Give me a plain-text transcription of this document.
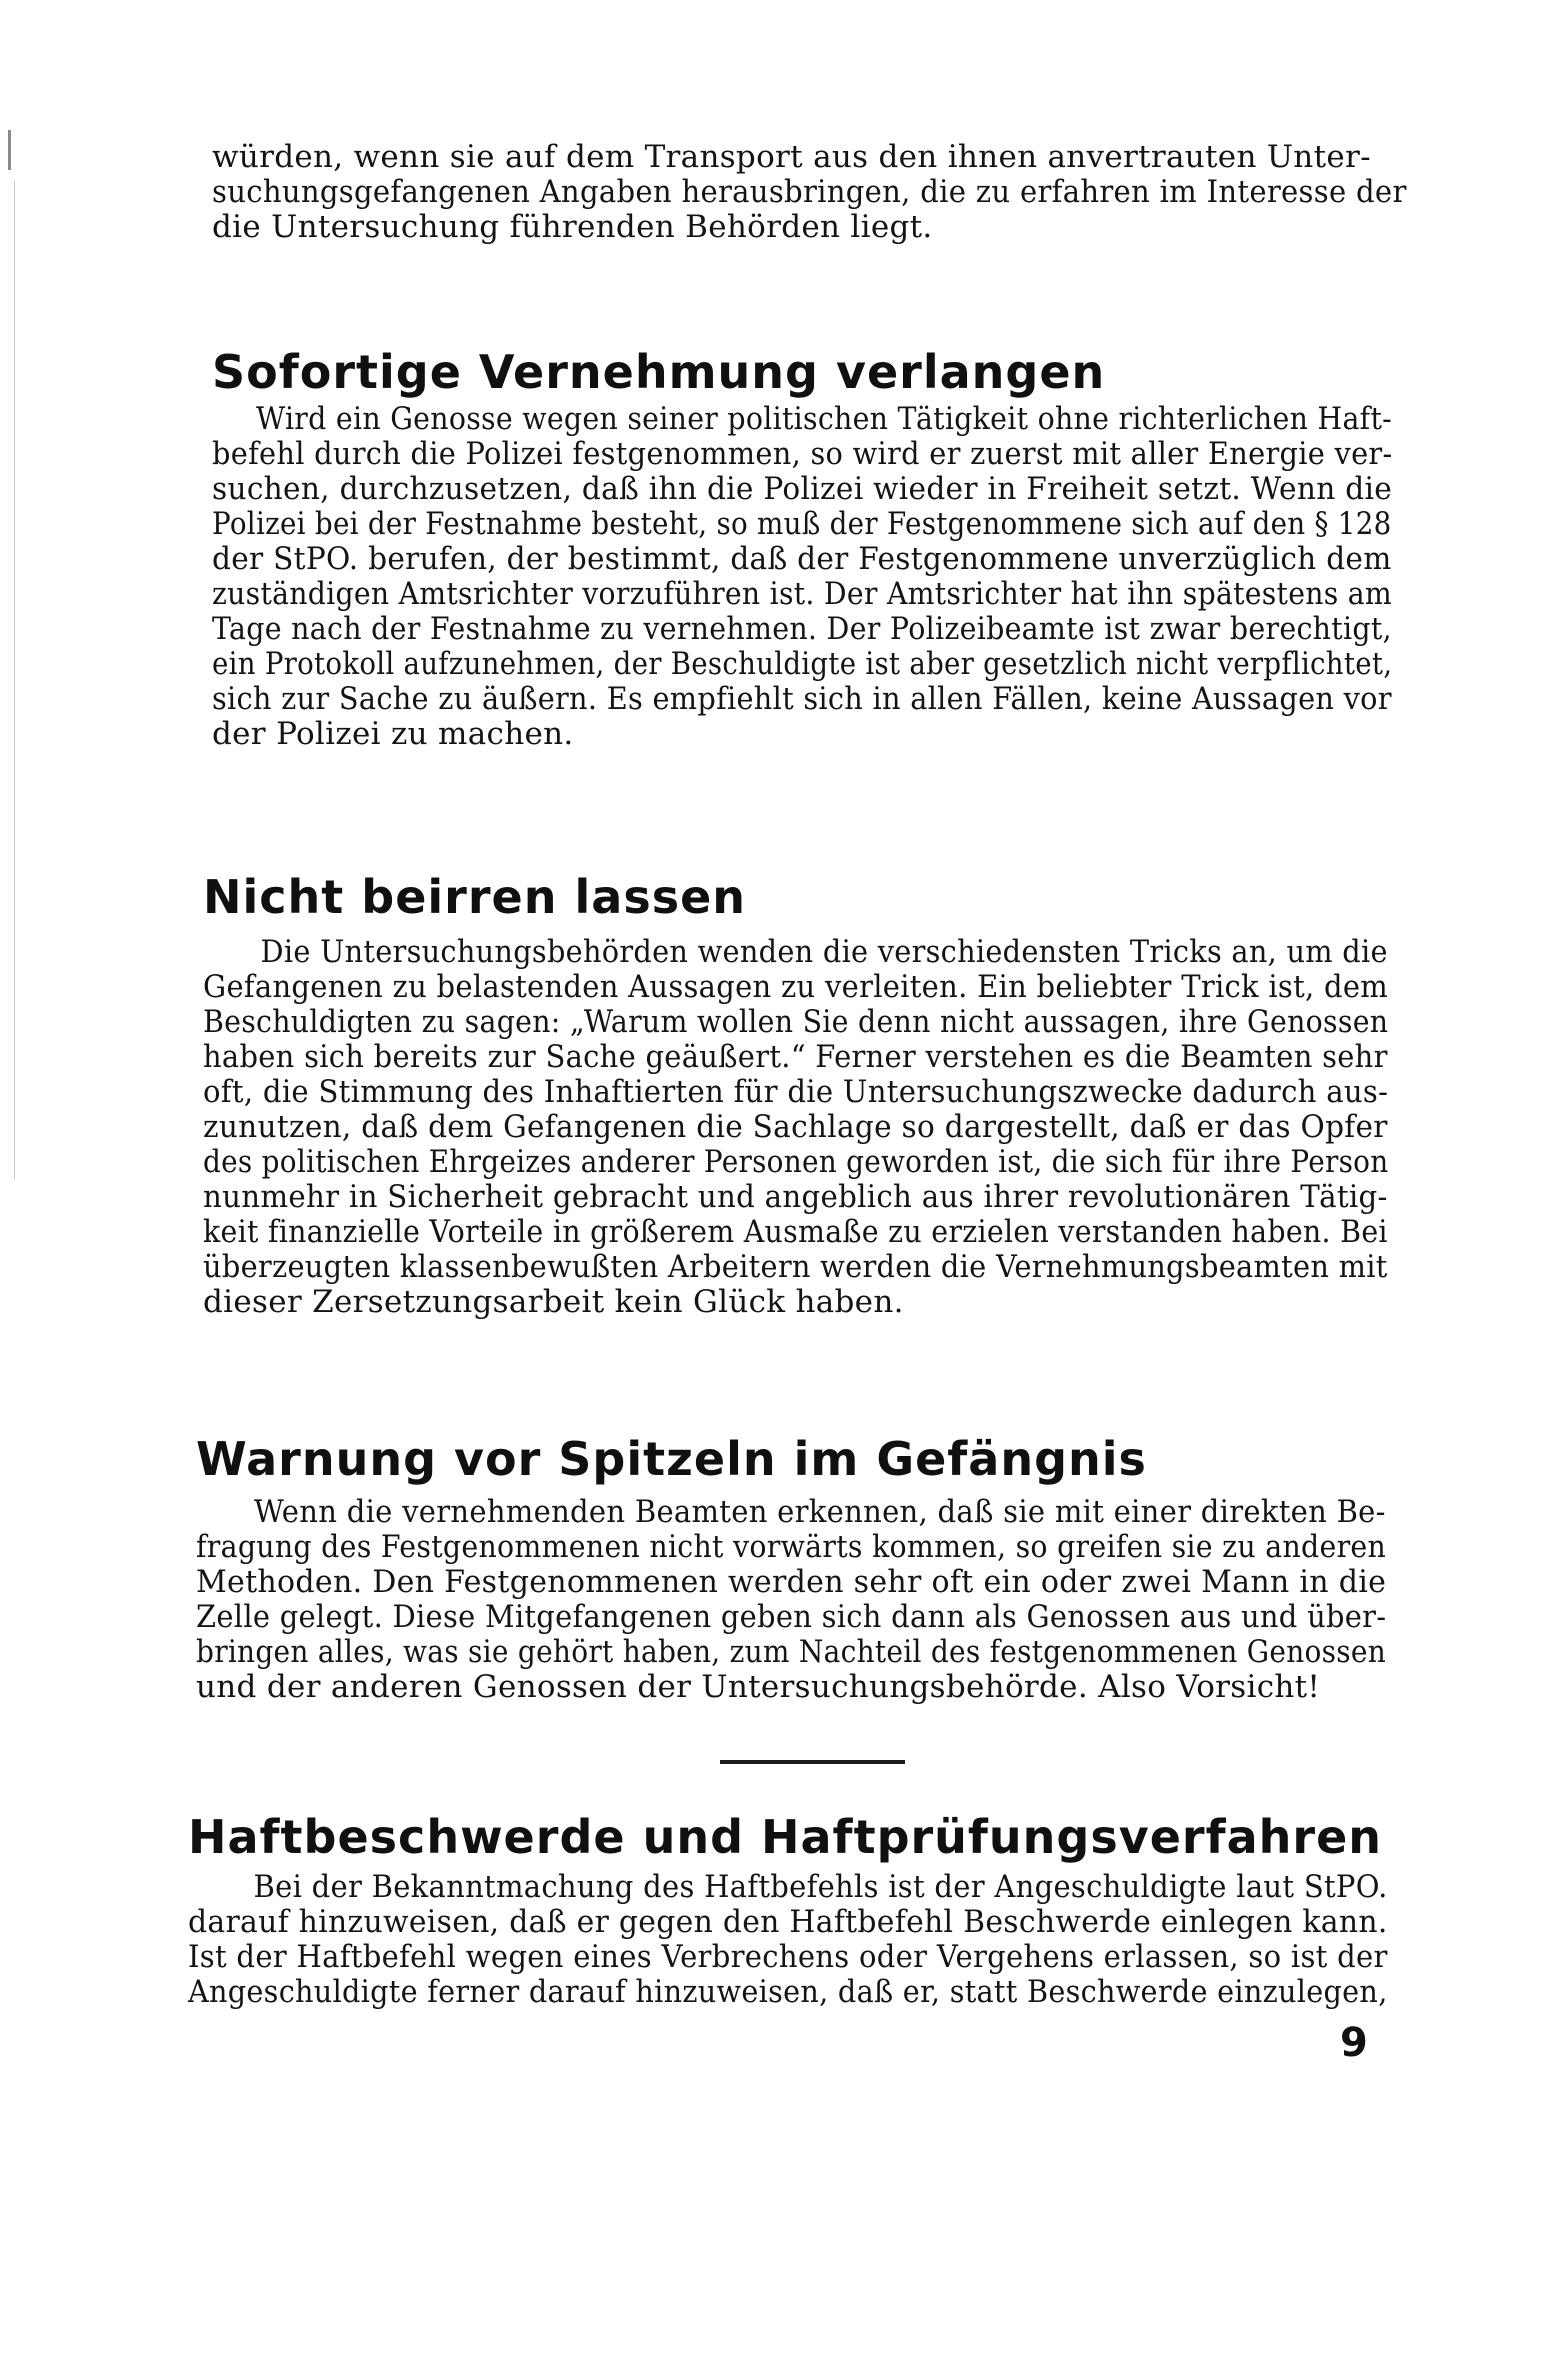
würden, wenn sie auf dem Transport aus den ihnen anvertrauten Unter-
suchungsgefangenen Angaben herausbringen, die zu erfahren im Interesse der
die Untersuchung führenden Behörden liegt.
Sofortige Vernehmung verlangen
Wird ein Genosse wegen seiner politischen Tätigkeit ohne richterlichen Haft-
befehl durch die Polizei festgenommen, so wird er zuerst mit aller Energie ver-
suchen, durchzusetzen, daß ihn die Polizei wieder in Freiheit setzt. Wenn die
Polizei bei der Festnahme besteht, so muß der Festgenommene sich auf den § 128
der StPO. berufen, der bestimmt, daß der Festgenommene unverzüglich dem
zuständigen Amtsrichter vorzuführen ist. Der Amtsrichter hat ihn spätestens am
Tage nach der Festnahme zu vernehmen. Der Polizeibeamte ist zwar berechtigt,
ein Protokoll aufzunehmen, der Beschuldigte ist aber gesetzlich nicht verpflichtet,
sich zur Sache zu äußern. Es empfiehlt sich in allen Fällen, keine Aussagen vor
der Polizei zu machen.
Nicht beirren lassen
Die Untersuchungsbehörden wenden die verschiedensten Tricks an, um die
Gefangenen zu belastenden Aussagen zu verleiten. Ein beliebter Trick ist, dem
Beschuldigten zu sagen: „Warum wollen Sie denn nicht aussagen, ihre Genossen
haben sich bereits zur Sache geäußert.“ Ferner verstehen es die Beamten sehr
oft, die Stimmung des Inhaftierten für die Untersuchungszwecke dadurch aus-
zunutzen, daß dem Gefangenen die Sachlage so dargestellt, daß er das Opfer
des politischen Ehrgeizes anderer Personen geworden ist, die sich für ihre Person
nunmehr in Sicherheit gebracht und angeblich aus ihrer revolutionären Tätig-
keit finanzielle Vorteile in größerem Ausmaße zu erzielen verstanden haben. Bei
überzeugten klassenbewußten Arbeitern werden die Vernehmungsbeamten mit
dieser Zersetzungsarbeit kein Glück haben.
Warnung vor Spitzeln im Gefängnis
Wenn die vernehmenden Beamten erkennen, daß sie mit einer direkten Be-
fragung des Festgenommenen nicht vorwärts kommen, so greifen sie zu anderen
Methoden. Den Festgenommenen werden sehr oft ein oder zwei Mann in die
Zelle gelegt. Diese Mitgefangenen geben sich dann als Genossen aus und über-
bringen alles, was sie gehört haben, zum Nachteil des festgenommenen Genossen
und der anderen Genossen der Untersuchungsbehörde. Also Vorsicht!
Haftbeschwerde und Haftprüfungsverfahren
Bei der Bekanntmachung des Haftbefehls ist der Angeschuldigte laut StPO.
darauf hinzuweisen, daß er gegen den Haftbefehl Beschwerde einlegen kann.
Ist der Haftbefehl wegen eines Verbrechens oder Vergehens erlassen, so ist der
Angeschuldigte ferner darauf hinzuweisen, daß er, statt Beschwerde einzulegen,
9
